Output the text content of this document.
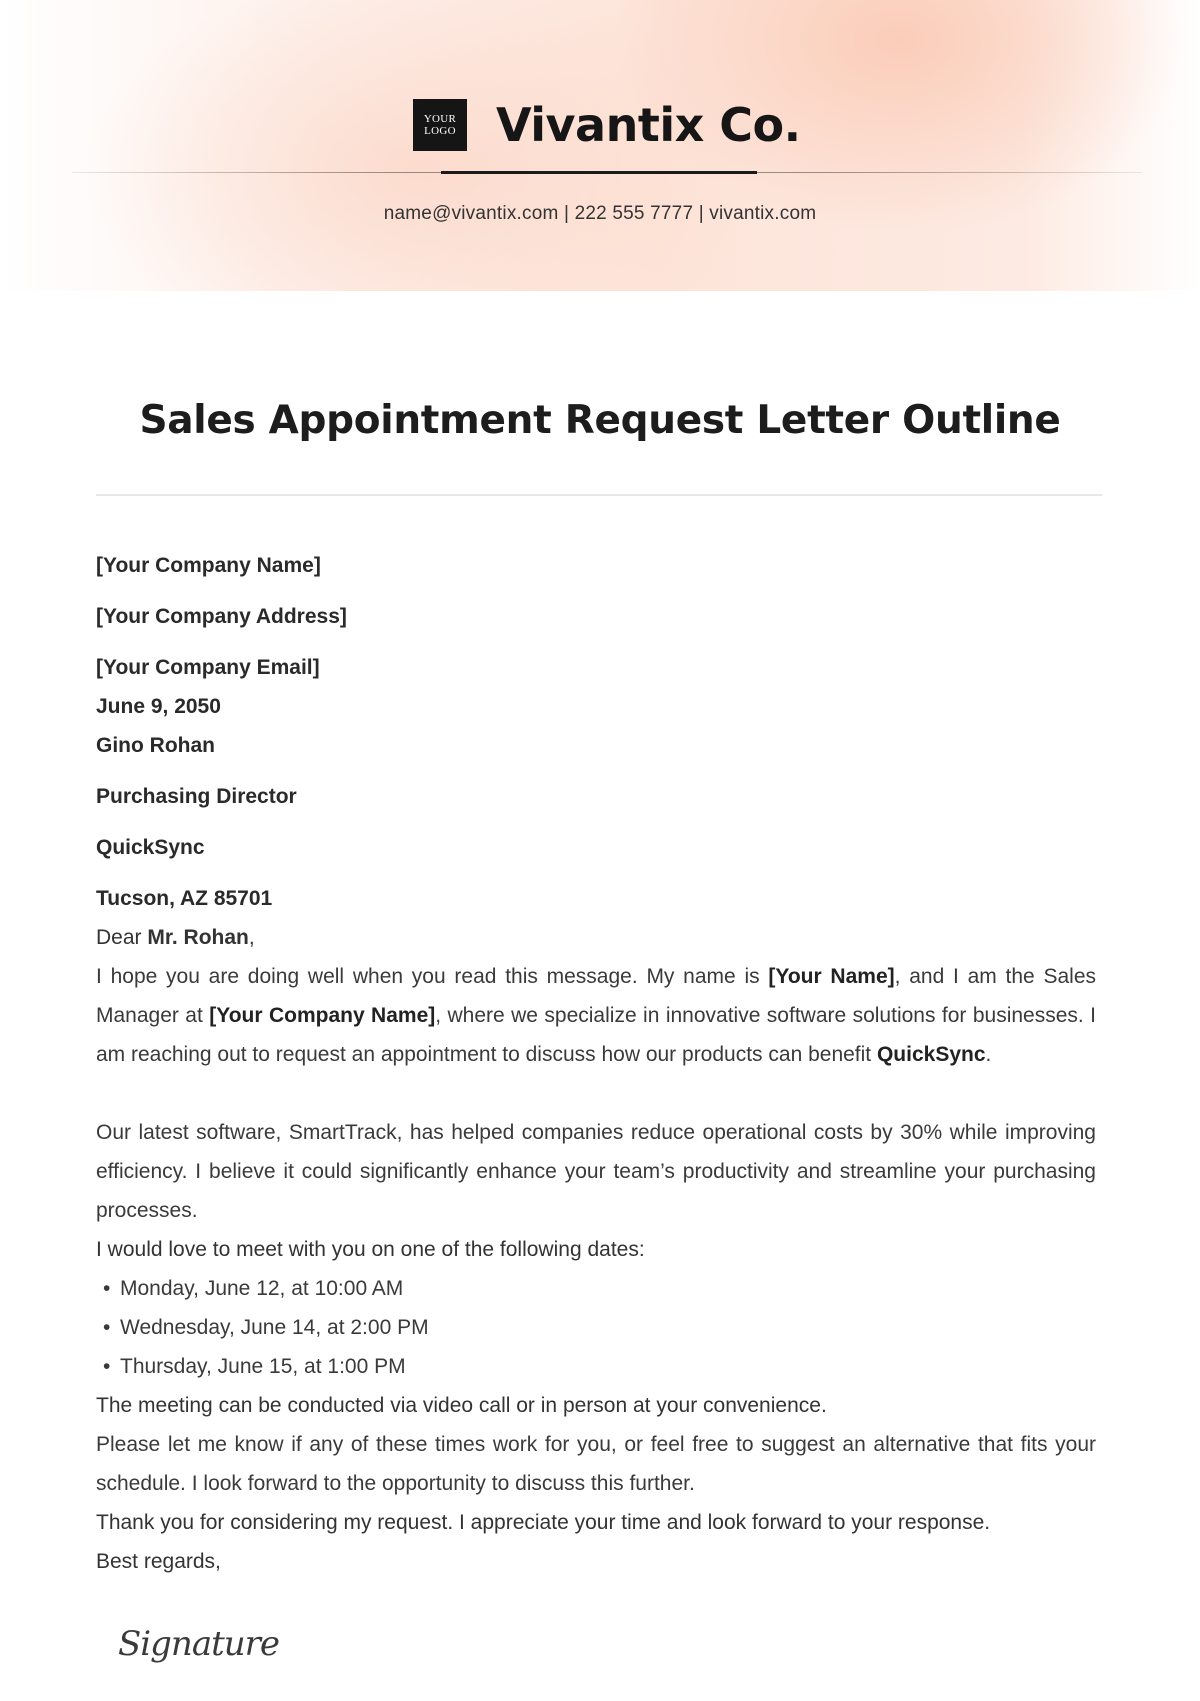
YOUR
LOGO Vivantix Co.
name@vivantix.com | 222 555 7777 | vivantix.com
Sales Appointment Request Letter Outline
[Your Company Name]
[Your Company Address]
[Your Company Email]
June 9, 2050
Gino Rohan
Purchasing Director
QuickSync
Tucson, AZ 85701
Dear Mr. Rohan,

I hope you are doing well when you read this message. My name is [Your Name], and I am the Sales Manager at [Your Company Name], where we specialize in innovative software solutions for businesses. I am reaching out to request an appointment to discuss how our products can benefit QuickSync.

Our latest software, SmartTrack, has helped companies reduce operational costs by 30% while improving efficiency. I believe it could significantly enhance your team’s productivity and streamline your purchasing processes.

I would love to meet with you on one of the following dates:
• Monday, June 12, at 10:00 AM
• Wednesday, June 14, at 2:00 PM
• Thursday, June 15, at 1:00 PM
The meeting can be conducted via video call or in person at your convenience.

Please let me know if any of these times work for you, or feel free to suggest an alternative that fits your schedule. I look forward to the opportunity to discuss this further.

Thank you for considering my request. I appreciate your time and look forward to your response.
Best regards,
Signature
